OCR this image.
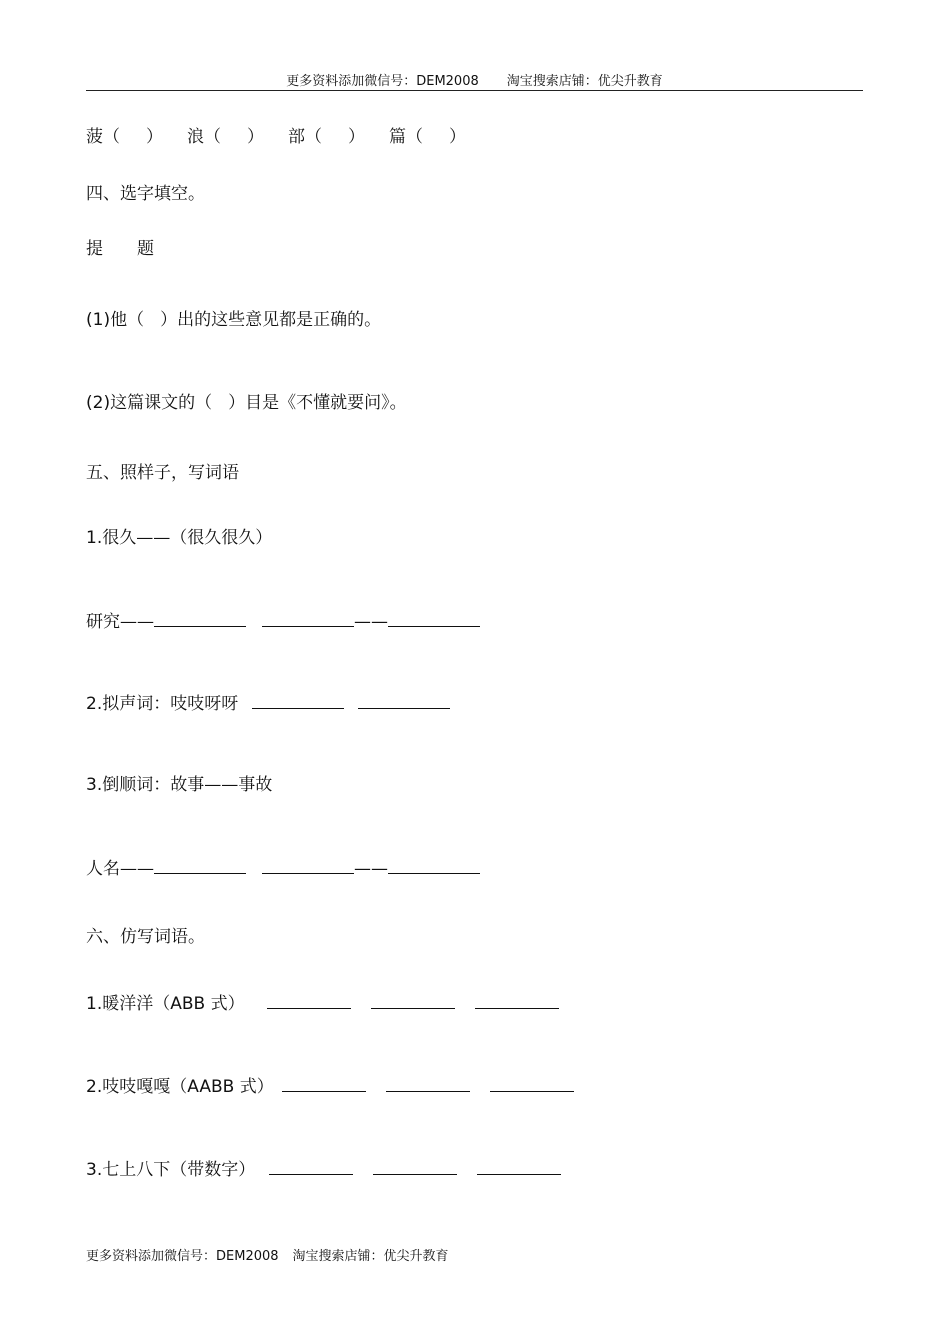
更多资料添加微信号：DEM2008 淘宝搜索店铺：优尖升教育
菠（ ） 浪（ ） 部（ ） 篇（ ）
四、选字填空。
提 题
(1)他（ ）出的这些意见都是正确的。
(2)这篇课文的（ ）目是《不懂就要问》。
五、照样子，写词语
1.很久——（很久很久）
研究——	——
2.拟声词：吱吱呀呀
3.倒顺词：故事——事故
人名——	——
六、仿写词语。
1.暖洋洋（ABB 式）
2.吱吱嘎嘎（AABB 式）
3.七上八下（带数字）
更多资料添加微信号：DEM2008 淘宝搜索店铺：优尖升教育
